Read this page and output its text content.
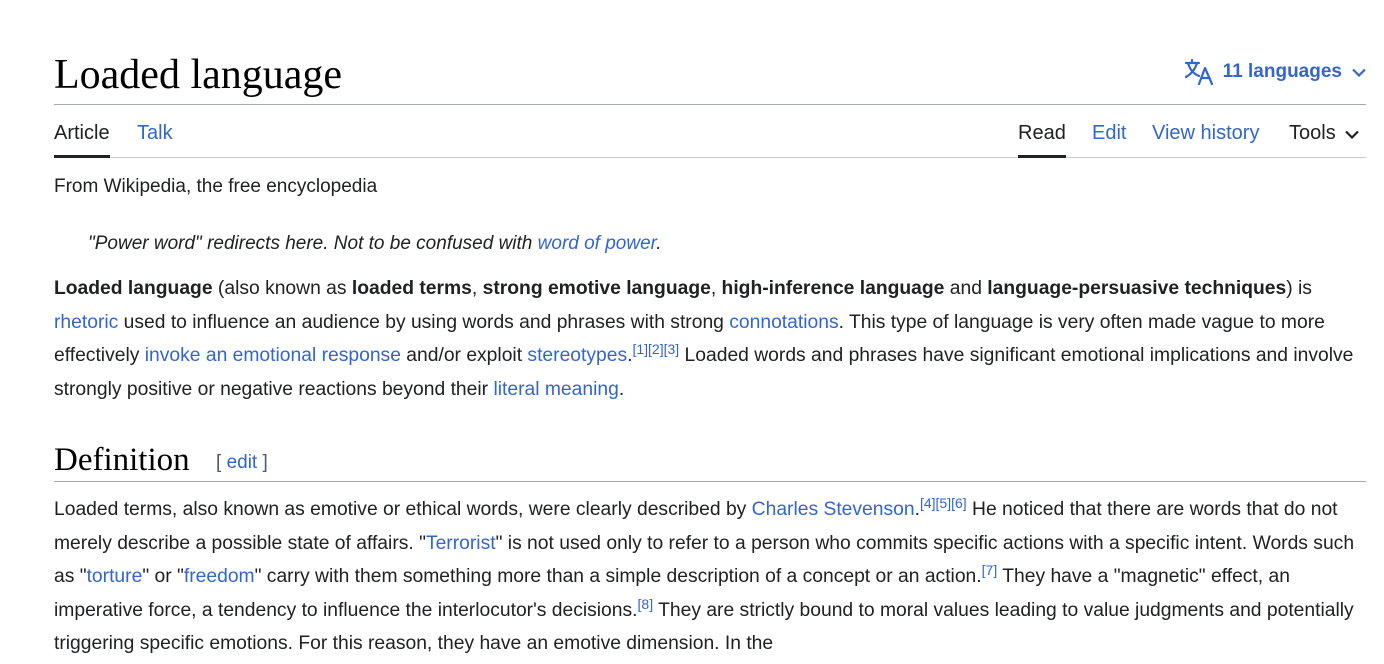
Loaded language	11 languages
Article Talk	Read Edit View history Tools
From Wikipedia, the free encyclopedia
"Power word" redirects here. Not to be confused with word of power.

Loaded language (also known as loaded terms, strong emotive language, high-inference language and language-persuasive techniques) is rhetoric used to influence an audience by using words and phrases with strong connotations. This type of language is very often made vague to more effectively invoke an emotional response and/or exploit stereotypes.[1][2][3] Loaded words and phrases have significant emotional implications and involve strongly positive or negative reactions beyond their literal meaning.

Definition [ edit ]

Loaded terms, also known as emotive or ethical words, were clearly described by Charles Stevenson.[4][5][6] He noticed that there are words that do not merely describe a possible state of affairs. "Terrorist" is not used only to refer to a person who commits specific actions with a specific intent. Words such as "torture" or "freedom" carry with them something more than a simple description of a concept or an action.[7] They have a "magnetic" effect, an imperative force, a tendency to influence the interlocutor's decisions.[8] They are strictly bound to moral values leading to value judgments and potentially triggering specific emotions. For this reason, they have an emotive dimension. In the
